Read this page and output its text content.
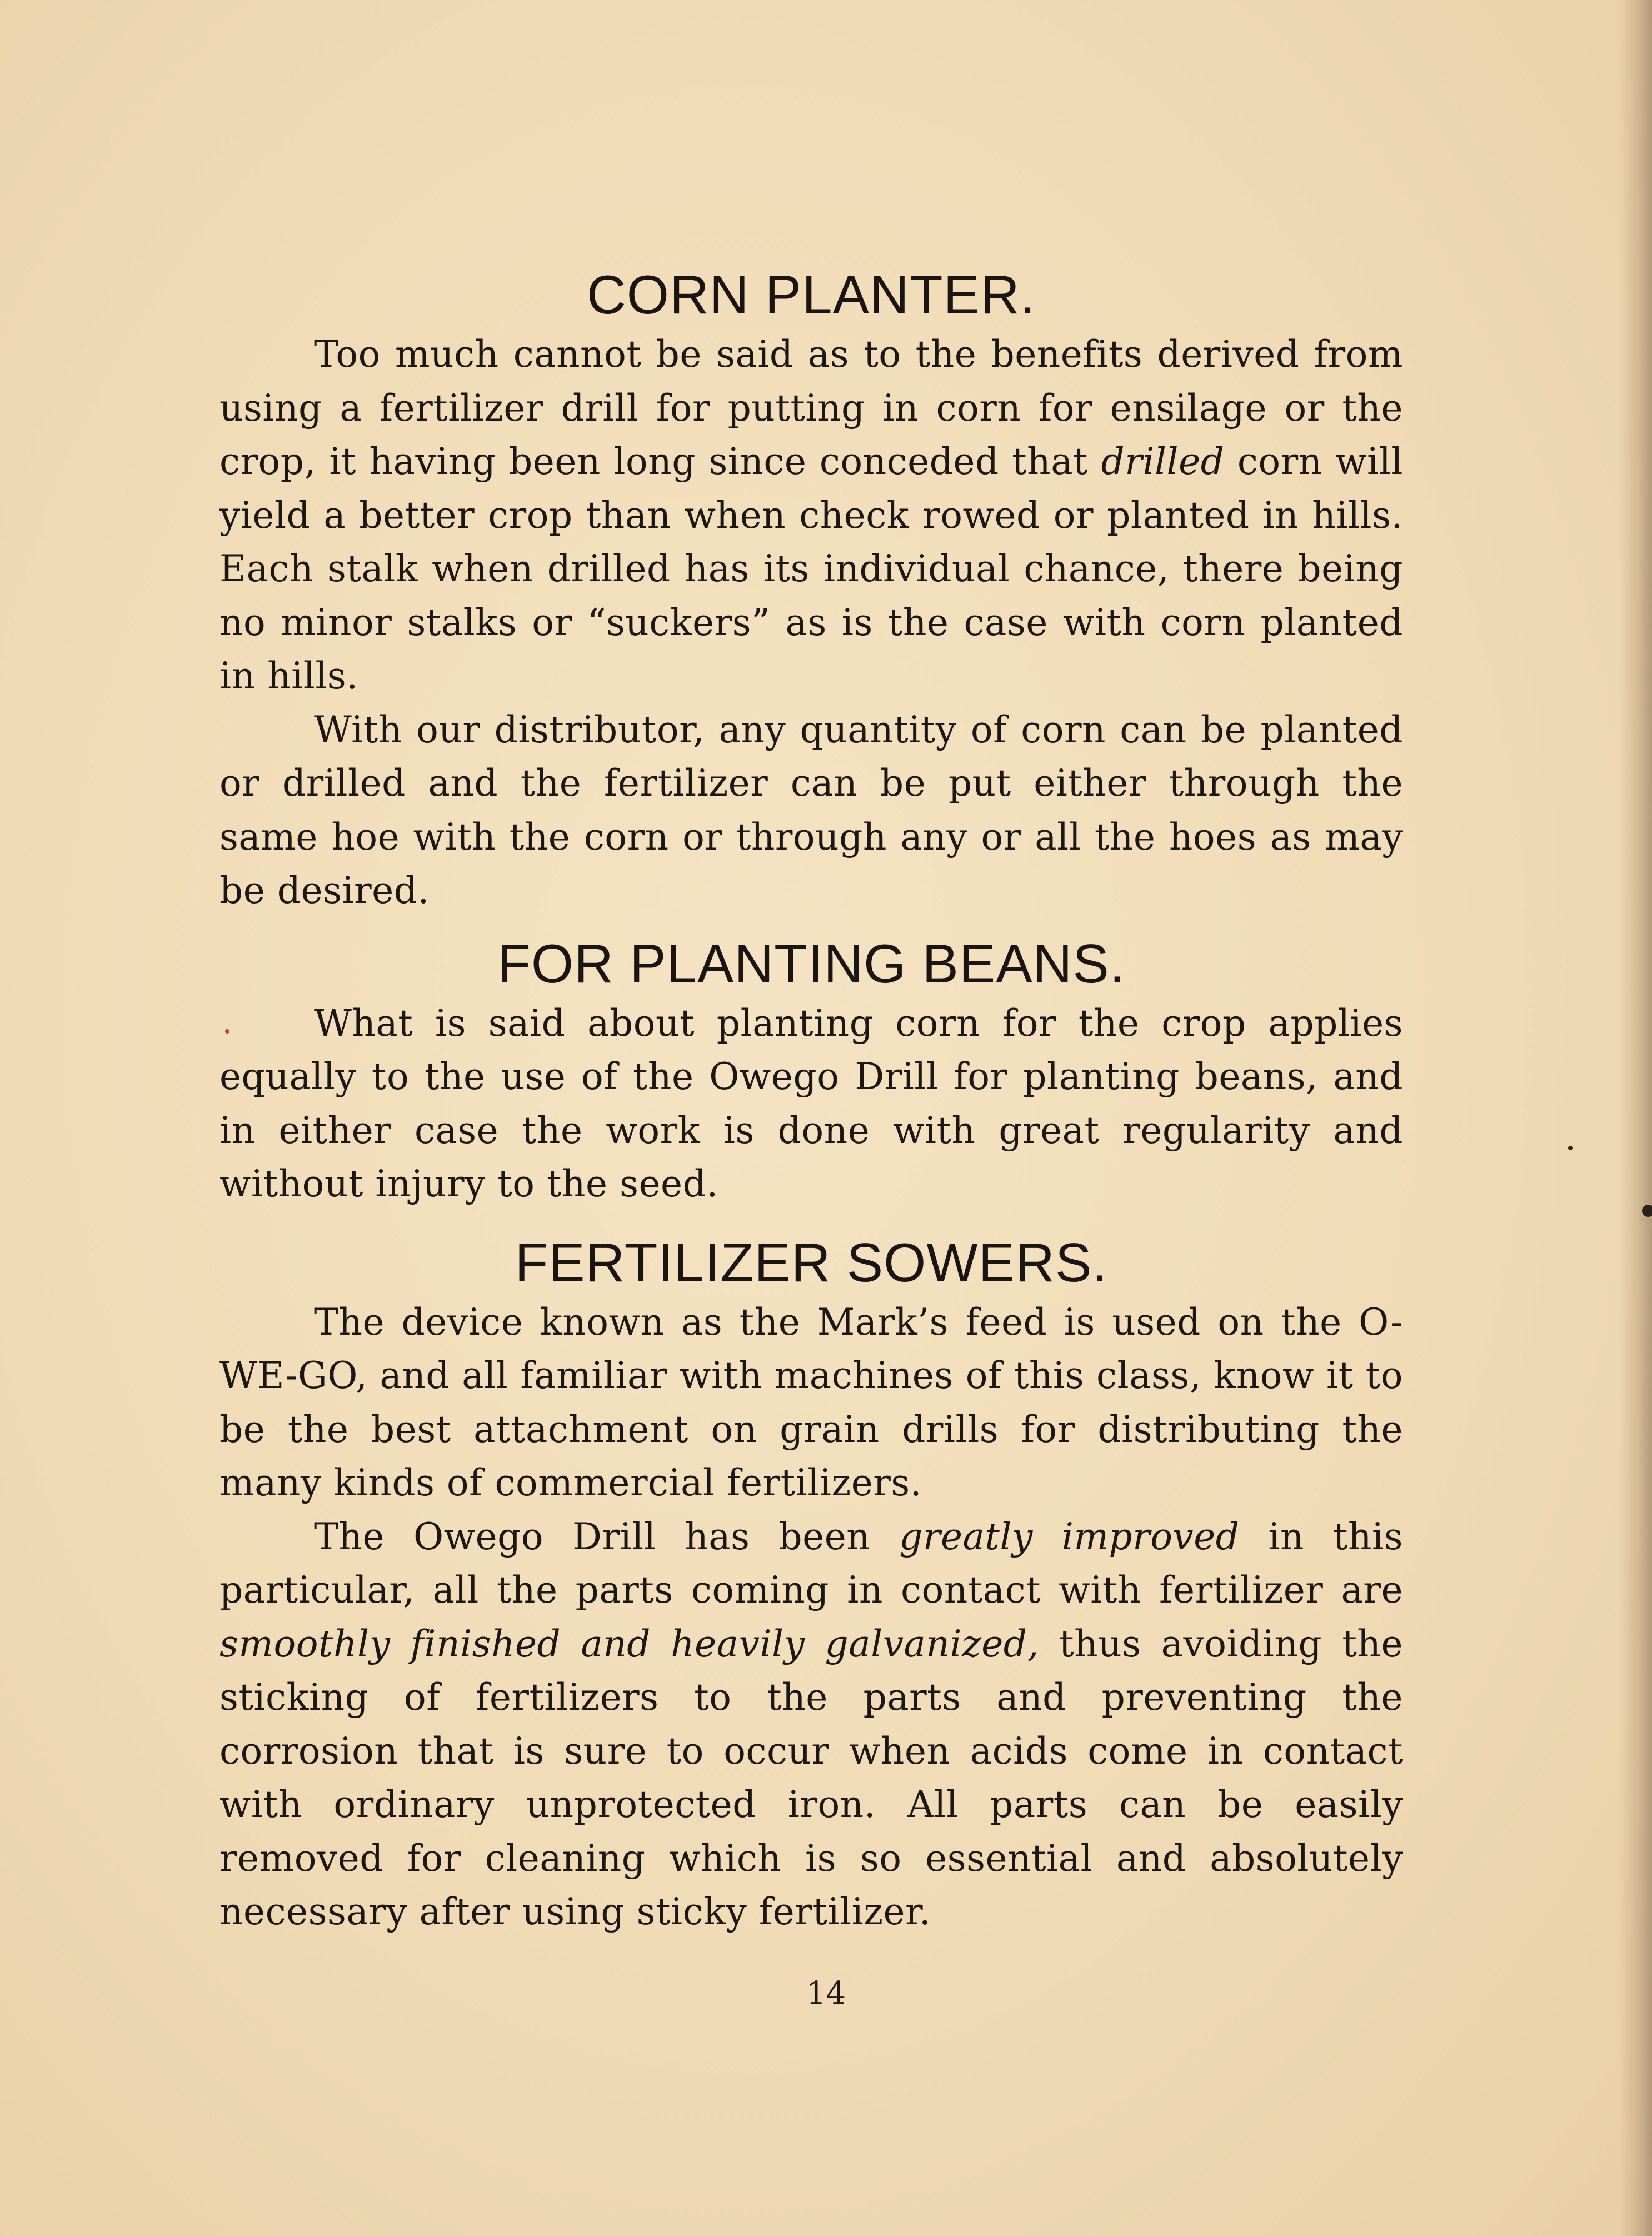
CORN PLANTER.

Too much cannot be said as to the benefits derived from using a fertilizer drill for putting in corn for ensilage or the crop, it having been long since conceded that drilled corn will yield a better crop than when check rowed or planted in hills. Each stalk when drilled has its individual chance, there being no minor stalks or “suckers” as is the case with corn planted in hills.

With our distributor, any quantity of corn can be planted or drilled and the fertilizer can be put either through the same hoe with the corn or through any or all the hoes as may be desired.

FOR PLANTING BEANS.

What is said about planting corn for the crop applies equally to the use of the Owego Drill for planting beans, and in either case the work is done with great regularity and without injury to the seed.

FERTILIZER SOWERS.

The device known as the Mark’s feed is used on the O-WE-GO, and all familiar with machines of this class, know it to be the best attachment on grain drills for distributing the many kinds of commercial fertilizers.

The Owego Drill has been greatly improved in this particular, all the parts coming in contact with fertilizer are smoothly finished and heavily galvanized, thus avoiding the sticking of fertilizers to the parts and preventing the corrosion that is sure to occur when acids come in contact with ordinary unprotected iron. All parts can be easily removed for cleaning which is so essential and absolutely necessary after using sticky fertilizer.

14
